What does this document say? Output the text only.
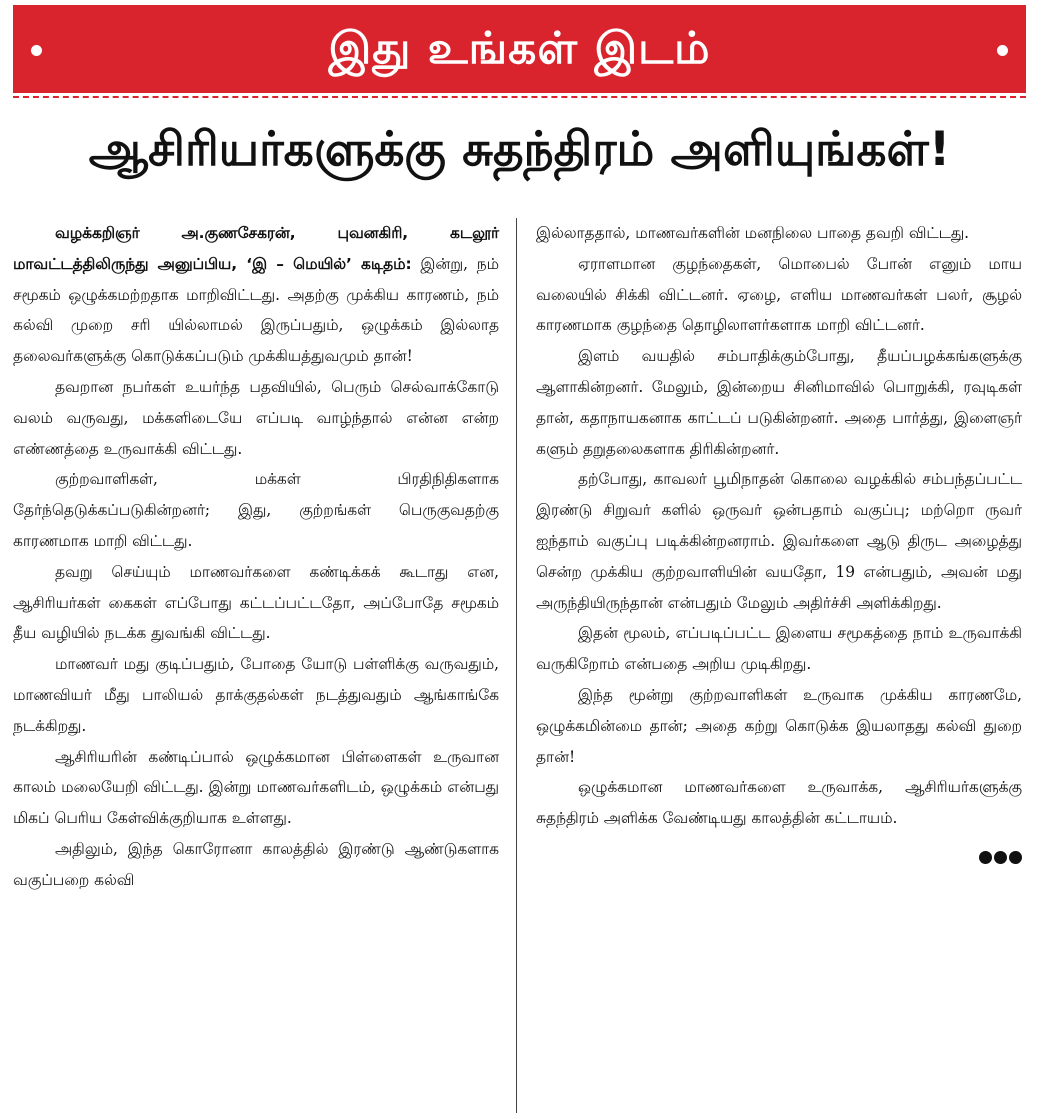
இது உங்கள் இடம்
ஆசிரியர்களுக்கு சுதந்திரம் அளியுங்கள்!

வழக்கறிஞர் அ.குணசேகரன், புவனகிரி, கடலூர் மாவட்டத்திலிருந்து அனுப்பிய, ‘இ – மெயில்’ கடிதம்: இன்று, நம் சமூகம் ஒழுக்கமற்றதாக மாறிவிட்டது. அதற்கு முக்கிய காரணம், நம் கல்வி முறை சரி யில்லாமல் இருப்பதும், ஒழுக்கம் இல்லாத தலைவர்களுக்கு கொடுக்கப்படும் முக்கியத்துவமும் தான்!

தவறான நபர்கள் உயர்ந்த பதவியில், பெரும் செல்வாக்கோடு வலம் வருவது, மக்களிடையே எப்படி வாழ்ந்தால் என்ன என்ற எண்ணத்தை உருவாக்கி விட்டது.

குற்றவாளிகள், மக்கள் பிரதிநிதிகளாக தேர்ந்தெடுக்கப்படுகின்றனர்; இது, குற்றங்கள் பெருகுவதற்கு காரணமாக மாறி விட்டது.

தவறு செய்யும் மாணவர்களை கண்டிக்கக் கூடாது என, ஆசிரியர்கள் கைகள் எப்போது கட்டப்பட்டதோ, அப்போதே சமூகம் தீய வழியில் நடக்க துவங்கி விட்டது.

மாணவர் மது குடிப்பதும், போதை யோடு பள்ளிக்கு வருவதும், மாணவியர் மீது பாலியல் தாக்குதல்கள் நடத்துவதும் ஆங்காங்கே நடக்கிறது.

ஆசிரியரின் கண்டிப்பால் ஒழுக்கமான பிள்ளைகள் உருவான காலம் மலையேறி விட்டது. இன்று மாணவர்களிடம், ஒழுக்கம் என்பது மிகப் பெரிய கேள்விக்குறியாக உள்ளது.

அதிலும், இந்த கொரோனா காலத்தில் இரண்டு ஆண்டுகளாக வகுப்பறை கல்வி

இல்லாததால், மாணவர்களின் மனநிலை பாதை தவறி விட்டது.

ஏராளமான குழந்தைகள், மொபைல் போன் எனும் மாய வலையில் சிக்கி விட்டனர். ஏழை, எளிய மாணவர்கள் பலர், சூழல் காரணமாக குழந்தை தொழிலாளர்களாக மாறி விட்டனர்.

இளம் வயதில் சம்பாதிக்கும்போது, தீயப்பழக்கங்களுக்கு ஆளாகின்றனர். மேலும், இன்றைய சினிமாவில் பொறுக்கி, ரவுடிகள் தான், கதாநாயகனாக காட்டப் படுகின்றனர். அதை பார்த்து, இளைஞர் களும் தறுதலைகளாக திரிகின்றனர்.

தற்போது, காவலர் பூமிநாதன் கொலை வழக்கில் சம்பந்தப்பட்ட இரண்டு சிறுவர் களில் ஒருவர் ஒன்பதாம் வகுப்பு; மற்றொ ருவர் ஐந்தாம் வகுப்பு படிக்கின்றனராம். இவர்களை ஆடு திருட அழைத்து சென்ற முக்கிய குற்றவாளியின் வயதோ, 19 என்பதும், அவன் மது அருந்தியிருந்தான் என்பதும் மேலும் அதிர்ச்சி அளிக்கிறது.

இதன் மூலம், எப்படிப்பட்ட இளைய சமூகத்தை நாம் உருவாக்கி வருகிறோம் என்பதை அறிய முடிகிறது.

இந்த மூன்று குற்றவாளிகள் உருவாக முக்கிய காரணமே, ஒழுக்கமின்மை தான்; அதை கற்று கொடுக்க இயலாதது கல்வி துறை தான்!

ஒழுக்கமான மாணவர்களை உருவாக்க, ஆசிரியர்களுக்கு சுதந்திரம் அளிக்க வேண்டியது காலத்தின் கட்டாயம்.
